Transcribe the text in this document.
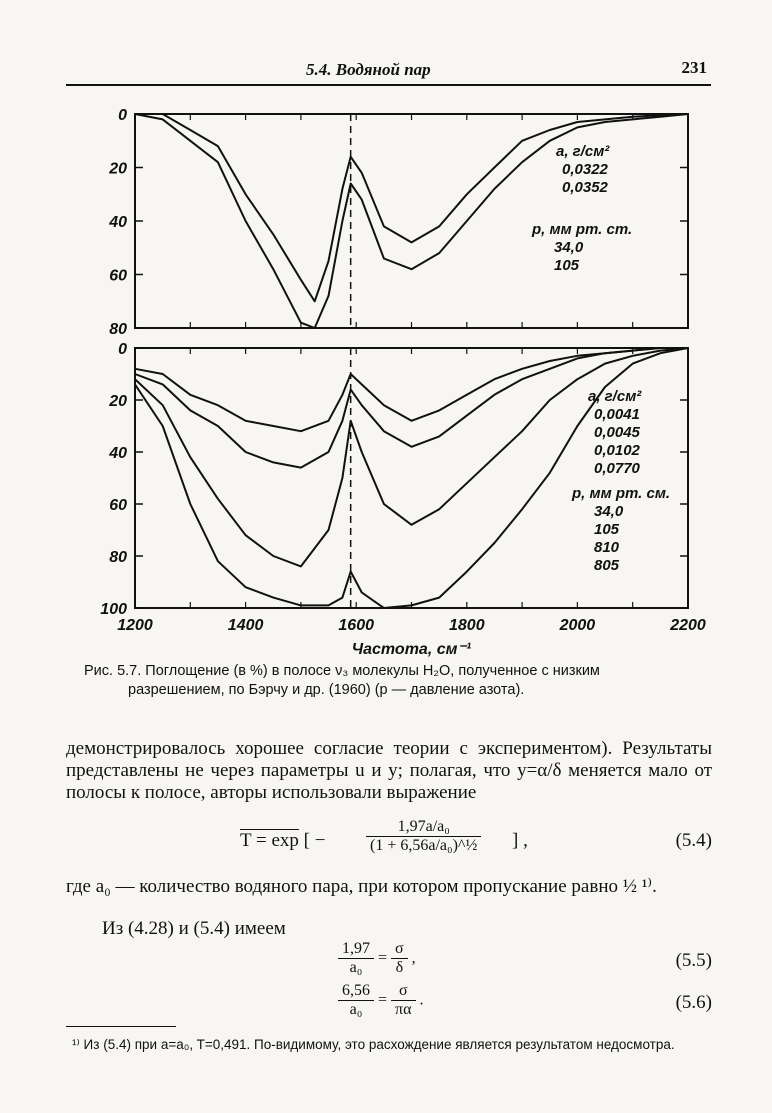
5.4. Водяной пар	231
0
20
40
60
80
a, г/см²
0,0322
0,0352
p, мм рт. ст.
34,0
105
0
20
40
60
80
100
1200	1400	1600	1800	2000	2200
a, г/см²
0,0041
0,0045
0,0102
0,0770
p, мм рт. см.
34,0
105
810
805
Частота, см⁻¹
Рис. 5.7. Поглощение (в %) в полосе ν₃ молекулы H₂O, полученное с низким
разрешением, по Бэрчу и др. (1960) (p — давление азота).
демонстрировалось хорошее согласие теории с экспериментом). Результаты представлены не через параметры u и y; полагая, что y=α/δ меняется мало от полосы к полосе, авторы использовали выражение
T = exp [ −	$\frac{\text{1,97a/a₀}}{\text{(1 + 6,56a/a₀)\textasciicircum{}½}}$ ] ,	(5.4)
где a₀ — количество водяного пара, при котором пропускание равно ½ ¹⁾.
Из (4.28) и (5.4) имеем
$\frac{1,97}{\text{a₀}} = \frac{\sigma}{\delta}$ ,	(5.5)
$\frac{6,56}{\text{a₀}} = \frac{\sigma}{\pi\alpha}$ .	(5.6)
¹⁾ Из (5.4) при a=a₀, T=0,491. По-видимому, это расхождение является результатом недосмотра.
